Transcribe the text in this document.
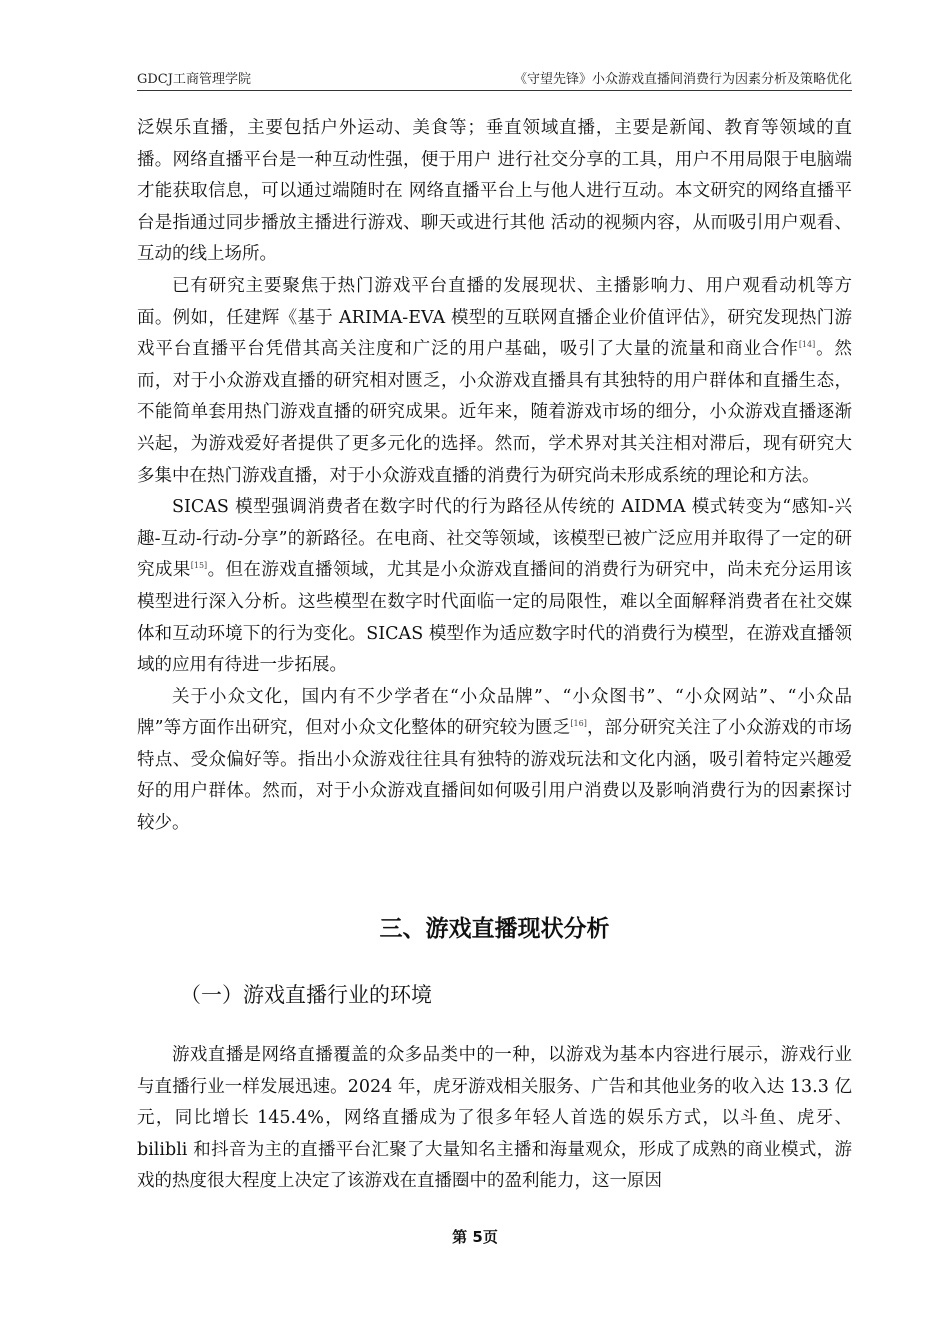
GDCJ工商管理学院	《守望先锋》小众游戏直播间消费行为因素分析及策略优化

泛娱乐直播，主要包括户外运动、美食等；垂直领域直播，主要是新闻、教育等领域的直播。网络直播平台是一种互动性强，便于用户 进行社交分享的工具，用户不用局限于电脑端才能获取信息，可以通过端随时在 网络直播平台上与他人进行互动。本文研究的网络直播平台是指通过同步播放主播进行游戏、聊天或进行其他 活动的视频内容，从而吸引用户观看、互动的线上场所。

已有研究主要聚焦于热门游戏平台直播的发展现状、主播影响力、用户观看动机等方面。例如，任建辉《基于 ARIMA-EVA 模型的互联网直播企业价值评估》，研究发现热门游戏平台直播平台凭借其高关注度和广泛的用户基础，吸引了大量的流量和商业合作[14]。然而，对于小众游戏直播的研究相对匮乏，小众游戏直播具有其独特的用户群体和直播生态，不能简单套用热门游戏直播的研究成果。近年来，随着游戏市场的细分，小众游戏直播逐渐兴起，为游戏爱好者提供了更多元化的选择。然而，学术界对其关注相对滞后，现有研究大多集中在热门游戏直播，对于小众游戏直播的消费行为研究尚未形成系统的理论和方法。

SICAS 模型强调消费者在数字时代的行为路径从传统的 AIDMA 模式转变为“感知-兴趣-互动-行动-分享”的新路径。在电商、社交等领域，该模型已被广泛应用并取得了一定的研究成果[15]。但在游戏直播领域，尤其是小众游戏直播间的消费行为研究中，尚未充分运用该模型进行深入分析。这些模型在数字时代面临一定的局限性，难以全面解释消费者在社交媒体和互动环境下的行为变化。SICAS 模型作为适应数字时代的消费行为模型，在游戏直播领域的应用有待进一步拓展。

关于小众文化，国内有不少学者在“小众品牌”、“小众图书”、“小众网站”、“小众品牌”等方面作出研究，但对小众文化整体的研究较为匮乏[16]，部分研究关注了小众游戏的市场特点、受众偏好等。指出小众游戏往往具有独特的游戏玩法和文化内涵，吸引着特定兴趣爱好的用户群体。然而，对于小众游戏直播间如何吸引用户消费以及影响消费行为的因素探讨较少。

三、游戏直播现状分析
（一）游戏直播行业的环境

游戏直播是网络直播覆盖的众多品类中的一种，以游戏为基本内容进行展示，游戏行业与直播行业一样发展迅速。2024 年，虎牙游戏相关服务、广告和其他业务的收入达 13.3 亿元，同比增长 145.4%，网络直播成为了很多年轻人首选的娱乐方式，以斗鱼、虎牙、bilibli 和抖音为主的直播平台汇聚了大量知名主播和海量观众，形成了成熟的商业模式，游戏的热度很大程度上决定了该游戏在直播圈中的盈利能力，这一原因

第 5页
